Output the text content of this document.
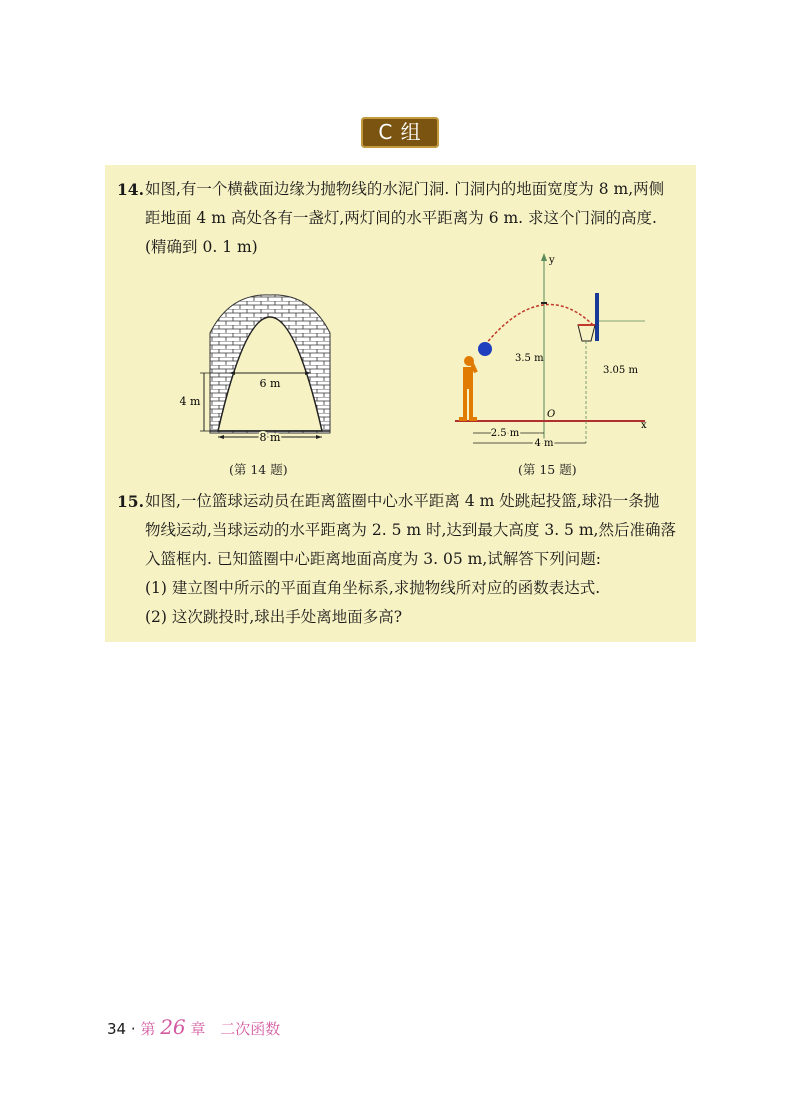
C 组
14. 如图,有一个横截面边缘为抛物线的水泥门洞. 门洞内的地面宽度为 8 m,两侧
距地面 4 m 高处各有一盏灯,两灯间的水平距离为 6 m. 求这个门洞的高度.
(精确到 0. 1 m)
6 m
4 m
8 m
(第 14 题)
y
x
O
3.5 m
3.05 m
2.5 m
4 m
(第 15 题)
15. 如图,一位篮球运动员在距离篮圈中心水平距离 4 m 处跳起投篮,球沿一条抛
物线运动,当球运动的水平距离为 2. 5 m 时,达到最大高度 3. 5 m,然后准确落
入篮框内. 已知篮圈中心距离地面高度为 3. 05 m,试解答下列问题:
(1) 建立图中所示的平面直角坐标系,求抛物线所对应的函数表达式.
(2) 这次跳投时,球出手处离地面多高?
34 · 第 26 章 二次函数
